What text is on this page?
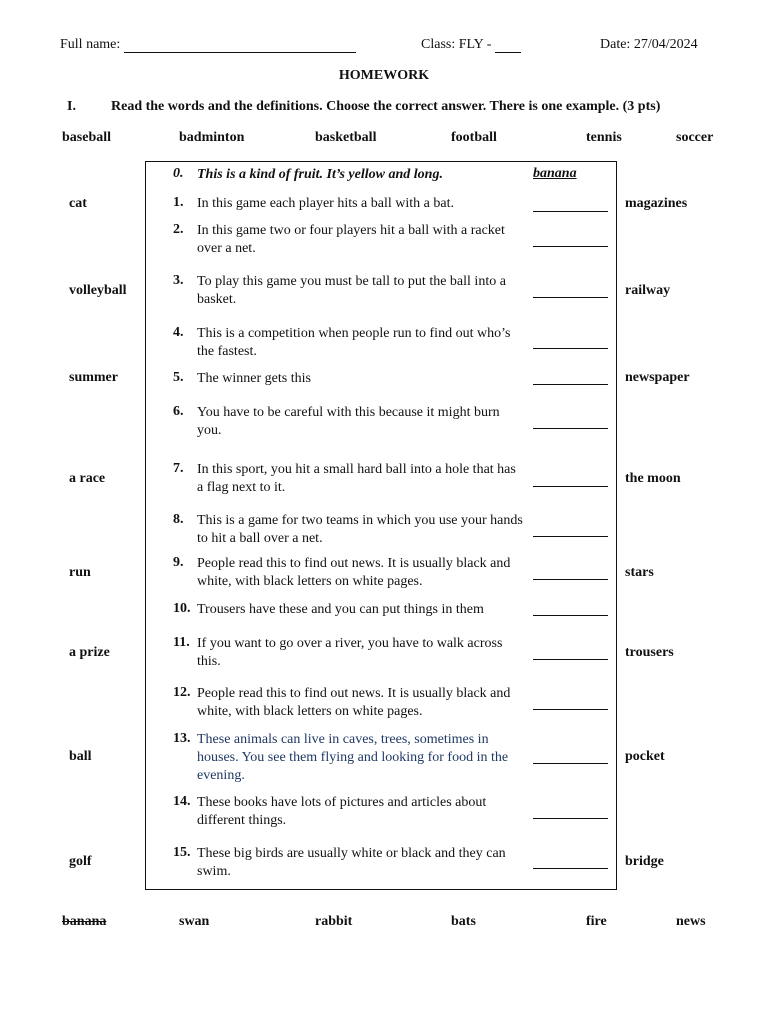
Full name:	Class: FLY -	Date: 27/04/2024
HOMEWORK
I.	Read the words and the definitions. Choose the correct answer. There is one example. (3 pts)
baseball	badminton	basketball	football	tennis	soccer
cat
volleyball
summer
a race
run
a prize
ball
golf
magazines
railway
newspaper
the moon
stars
trousers
pocket
bridge
banana	swan	rabbit	bats	fire	news
0. This is a kind of fruit. It’s yellow and long.	banana
1. In this game each player hits a ball with a bat.
2. In this game two or four players hit a ball with a racket over a net.
3. To play this game you must be tall to put the ball into a basket.
4. This is a competition when people run to find out who’s the fastest.
5. The winner gets this
6. You have to be careful with this because it might burn you.
7. In this sport, you hit a small hard ball into a hole that has a flag next to it.
8. This is a game for two teams in which you use your hands to hit a ball over a net.
9. People read this to find out news. It is usually black and white, with black letters on white pages.
10. Trousers have these and you can put things in them
11. If you want to go over a river, you have to walk across this.
12. People read this to find out news. It is usually black and white, with black letters on white pages.
13. These animals can live in caves, trees, sometimes in houses. You see them flying and looking for food in the evening.
14. These books have lots of pictures and articles about different things.
15. These big birds are usually white or black and they can swim.
